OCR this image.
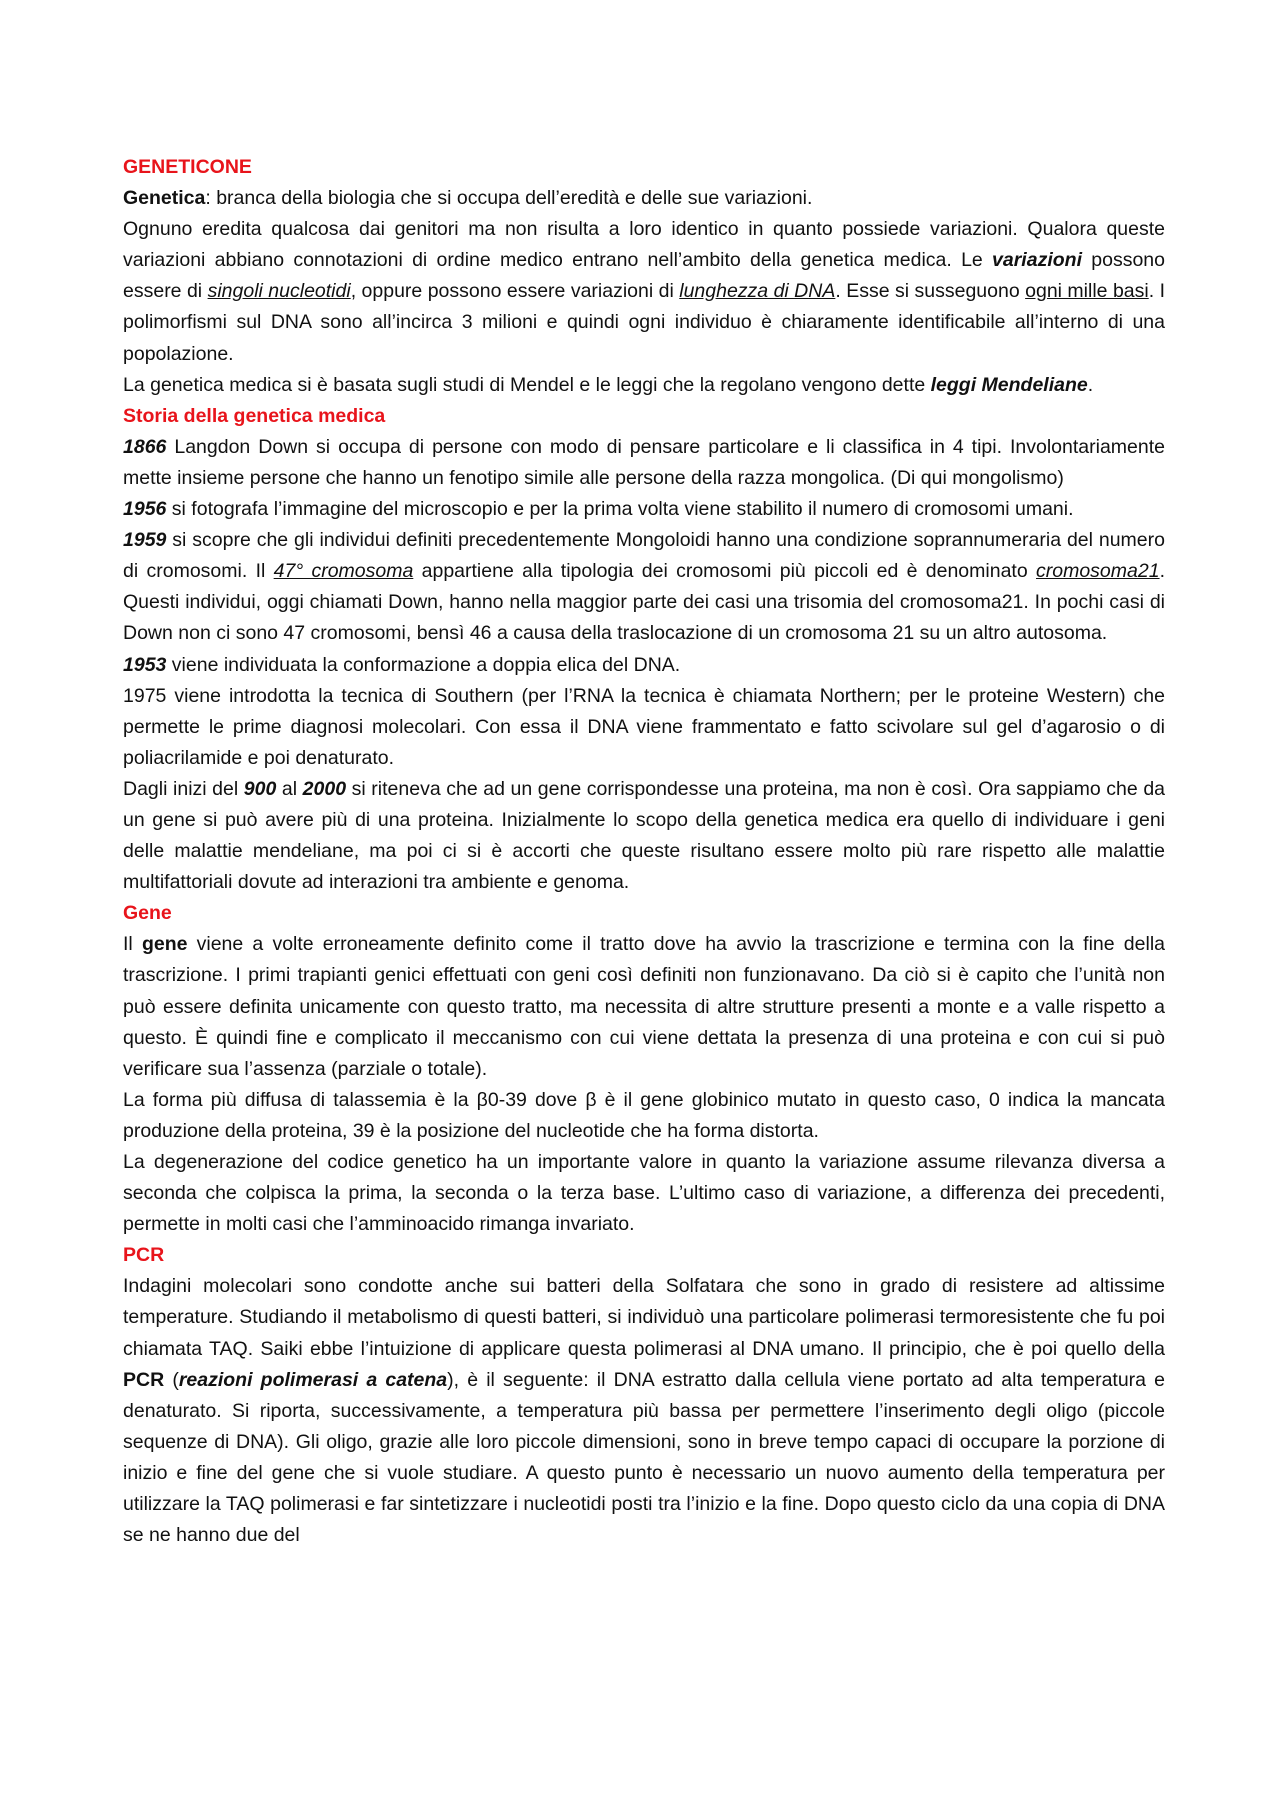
GENETICONE

Genetica: branca della biologia che si occupa dell’eredità e delle sue variazioni.

Ognuno eredita qualcosa dai genitori ma non risulta a loro identico in quanto possiede variazioni. Qualora queste variazioni abbiano connotazioni di ordine medico entrano nell’ambito della genetica medica. Le variazioni possono essere di singoli nucleotidi, oppure possono essere variazioni di lunghezza di DNA. Esse si susseguono ogni mille basi. I polimorfismi sul DNA sono all’incirca 3 milioni e quindi ogni individuo è chiaramente identificabile all’interno di una popolazione.

La genetica medica si è basata sugli studi di Mendel e le leggi che la regolano vengono dette leggi Mendeliane.

Storia della genetica medica

1866 Langdon Down si occupa di persone con modo di pensare particolare e li classifica in 4 tipi. Involontariamente mette insieme persone che hanno un fenotipo simile alle persone della razza mongolica. (Di qui mongolismo)

1956 si fotografa l’immagine del microscopio e per la prima volta viene stabilito il numero di cromosomi umani.

1959 si scopre che gli individui definiti precedentemente Mongoloidi hanno una condizione soprannumeraria del numero di cromosomi. Il 47° cromosoma appartiene alla tipologia dei cromosomi più piccoli ed è denominato cromosoma21. Questi individui, oggi chiamati Down, hanno nella maggior parte dei casi una trisomia del cromosoma21. In pochi casi di Down non ci sono 47 cromosomi, bensì 46 a causa della traslocazione di un cromosoma 21 su un altro autosoma.

1953 viene individuata la conformazione a doppia elica del DNA.

1975 viene introdotta la tecnica di Southern (per l’RNA la tecnica è chiamata Northern; per le proteine Western) che permette le prime diagnosi molecolari. Con essa il DNA viene frammentato e fatto scivolare sul gel d’agarosio o di poliacrilamide e poi denaturato.

Dagli inizi del 900 al 2000 si riteneva che ad un gene corrispondesse una proteina, ma non è così. Ora sappiamo che da un gene si può avere più di una proteina. Inizialmente lo scopo della genetica medica era quello di individuare i geni delle malattie mendeliane, ma poi ci si è accorti che queste risultano essere molto più rare rispetto alle malattie multifattoriali dovute ad interazioni tra ambiente e genoma.

Gene

Il gene viene a volte erroneamente definito come il tratto dove ha avvio la trascrizione e termina con la fine della trascrizione. I primi trapianti genici effettuati con geni così definiti non funzionavano. Da ciò si è capito che l’unità non può essere definita unicamente con questo tratto, ma necessita di altre strutture presenti a monte e a valle rispetto a questo. È quindi fine e complicato il meccanismo con cui viene dettata la presenza di una proteina e con cui si può verificare sua l’assenza (parziale o totale).

La forma più diffusa di talassemia è la β0-39 dove β è il gene globinico mutato in questo caso, 0 indica la mancata produzione della proteina, 39 è la posizione del nucleotide che ha forma distorta.

La degenerazione del codice genetico ha un importante valore in quanto la variazione assume rilevanza diversa a seconda che colpisca la prima, la seconda o la terza base. L’ultimo caso di variazione, a differenza dei precedenti, permette in molti casi che l’amminoacido rimanga invariato.

PCR

Indagini molecolari sono condotte anche sui batteri della Solfatara che sono in grado di resistere ad altissime temperature. Studiando il metabolismo di questi batteri, si individuò una particolare polimerasi termoresistente che fu poi chiamata TAQ. Saiki ebbe l’intuizione di applicare questa polimerasi al DNA umano. Il principio, che è poi quello della PCR (reazioni polimerasi a catena), è il seguente: il DNA estratto dalla cellula viene portato ad alta temperatura e denaturato. Si riporta, successivamente, a temperatura più bassa per permettere l’inserimento degli oligo (piccole sequenze di DNA). Gli oligo, grazie alle loro piccole dimensioni, sono in breve tempo capaci di occupare la porzione di inizio e fine del gene che si vuole studiare. A questo punto è necessario un nuovo aumento della temperatura per utilizzare la TAQ polimerasi e far sintetizzare i nucleotidi posti tra l’inizio e la fine. Dopo questo ciclo da una copia di DNA se ne hanno due del
